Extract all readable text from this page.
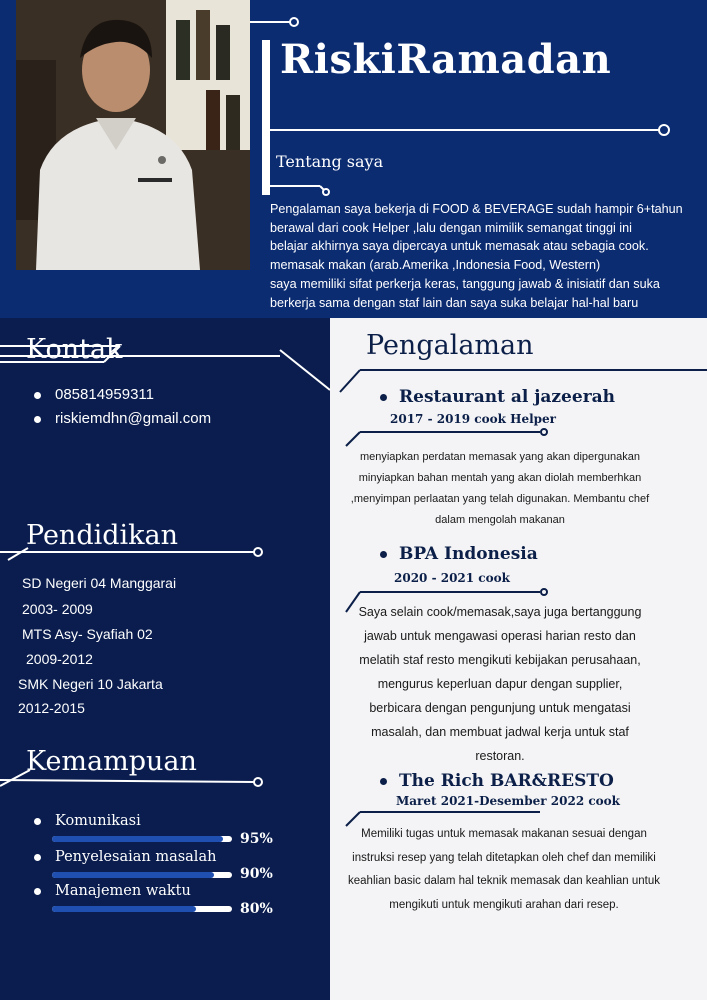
RiskiRamadan
Tentang saya
Pengalaman saya bekerja di FOOD & BEVERAGE sudah hampir 6+tahun
berawal dari cook Helper ,lalu dengan mimilik semangat tinggi ini
belajar akhirnya saya dipercaya untuk memasak atau sebagia cook.
memasak makan (arab.Amerika ,Indonesia Food, Western)
saya memiliki sifat perkerja keras, tanggung jawab & inisiatif dan suka
berkerja sama dengan staf lain dan saya suka belajar hal-hal baru
Kontak
085814959311
riskiemdhn@gmail.com
Pendidikan
SD Negeri 04 Manggarai
2003- 2009
MTS Asy- Syafiah 02
2009-2012
SMK Negeri 10 Jakarta
2012-2015
Kemampuan
Komunikasi
95%
Penyelesaian masalah
90%
Manajemen waktu
80%
Pengalaman
Restaurant al jazeerah
2017 - 2019 cook Helper
menyiapkan perdatan memasak yang akan dipergunakan
minyiapkan bahan mentah yang akan diolah memberhkan
,menyimpan perlaatan yang telah digunakan. Membantu chef
dalam mengolah makanan
BPA Indonesia
2020 - 2021 cook
Saya selain cook/memasak,saya juga bertanggung
jawab untuk mengawasi operasi harian resto dan
melatih staf resto mengikuti kebijakan perusahaan,
mengurus keperluan dapur dengan supplier,
berbicara dengan pengunjung untuk mengatasi
masalah, dan membuat jadwal kerja untuk staf
restoran.
The Rich BAR&RESTO
Maret 2021-Desember 2022 cook
Memiliki tugas untuk memasak makanan sesuai dengan
instruksi resep yang telah ditetapkan oleh chef dan memiliki
keahlian basic dalam hal teknik memasak dan keahlian untuk
mengikuti untuk mengikuti arahan dari resep.
